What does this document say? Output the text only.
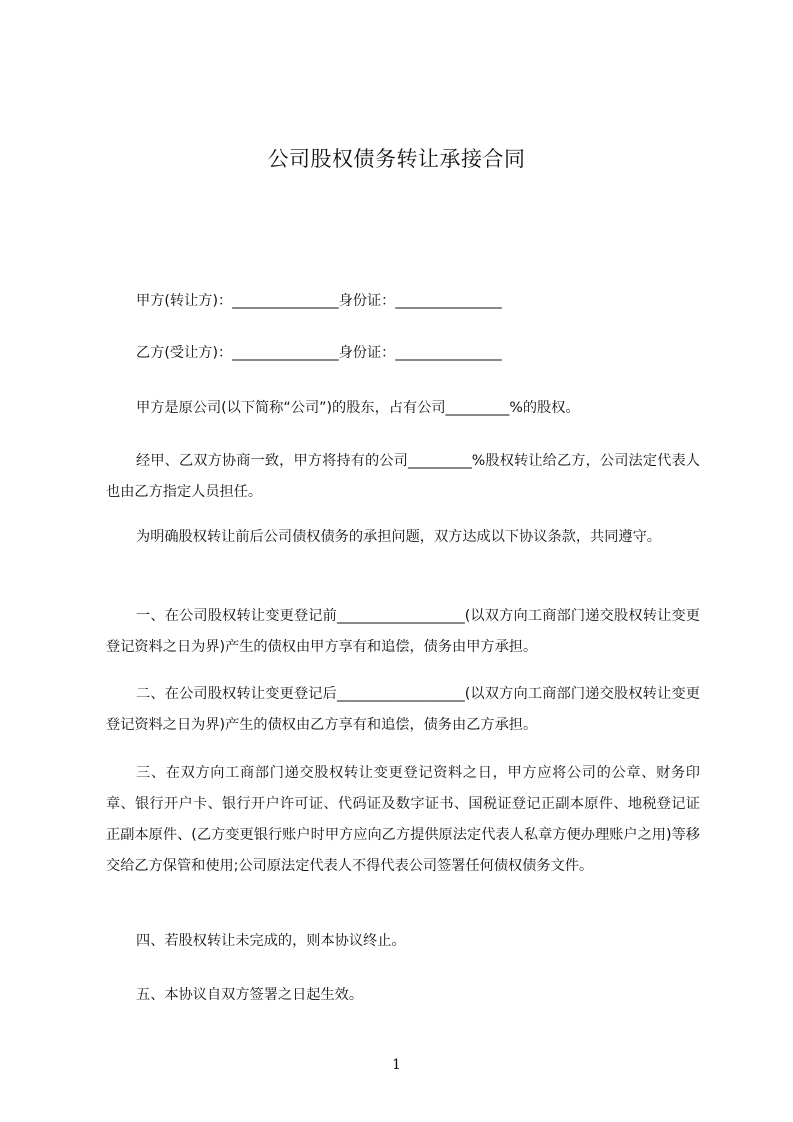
公司股权债务转让承接合同
甲方(转让方)：_______________身份证：_______________
乙方(受让方)：_______________身份证：_______________
甲方是原公司(以下简称“公司”)的股东，占有公司_________%的股权。
经甲、乙双方协商一致，甲方将持有的公司_________%股权转让给乙方，公司法定代表人也由乙方指定人员担任。
为明确股权转让前后公司债权债务的承担问题，双方达成以下协议条款，共同遵守。
一、在公司股权转让变更登记前__________________(以双方向工商部门递交股权转让变更登记资料之日为界)产生的债权由甲方享有和追偿，债务由甲方承担。
二、在公司股权转让变更登记后__________________(以双方向工商部门递交股权转让变更登记资料之日为界)产生的债权由乙方享有和追偿，债务由乙方承担。
三、在双方向工商部门递交股权转让变更登记资料之日，甲方应将公司的公章、财务印章、银行开户卡、银行开户许可证、代码证及数字证书、国税证登记正副本原件、地税登记证正副本原件、(乙方变更银行账户时甲方应向乙方提供原法定代表人私章方便办理账户之用)等移交给乙方保管和使用;公司原法定代表人不得代表公司签署任何债权债务文件。
四、若股权转让未完成的，则本协议终止。
五、本协议自双方签署之日起生效。
1
